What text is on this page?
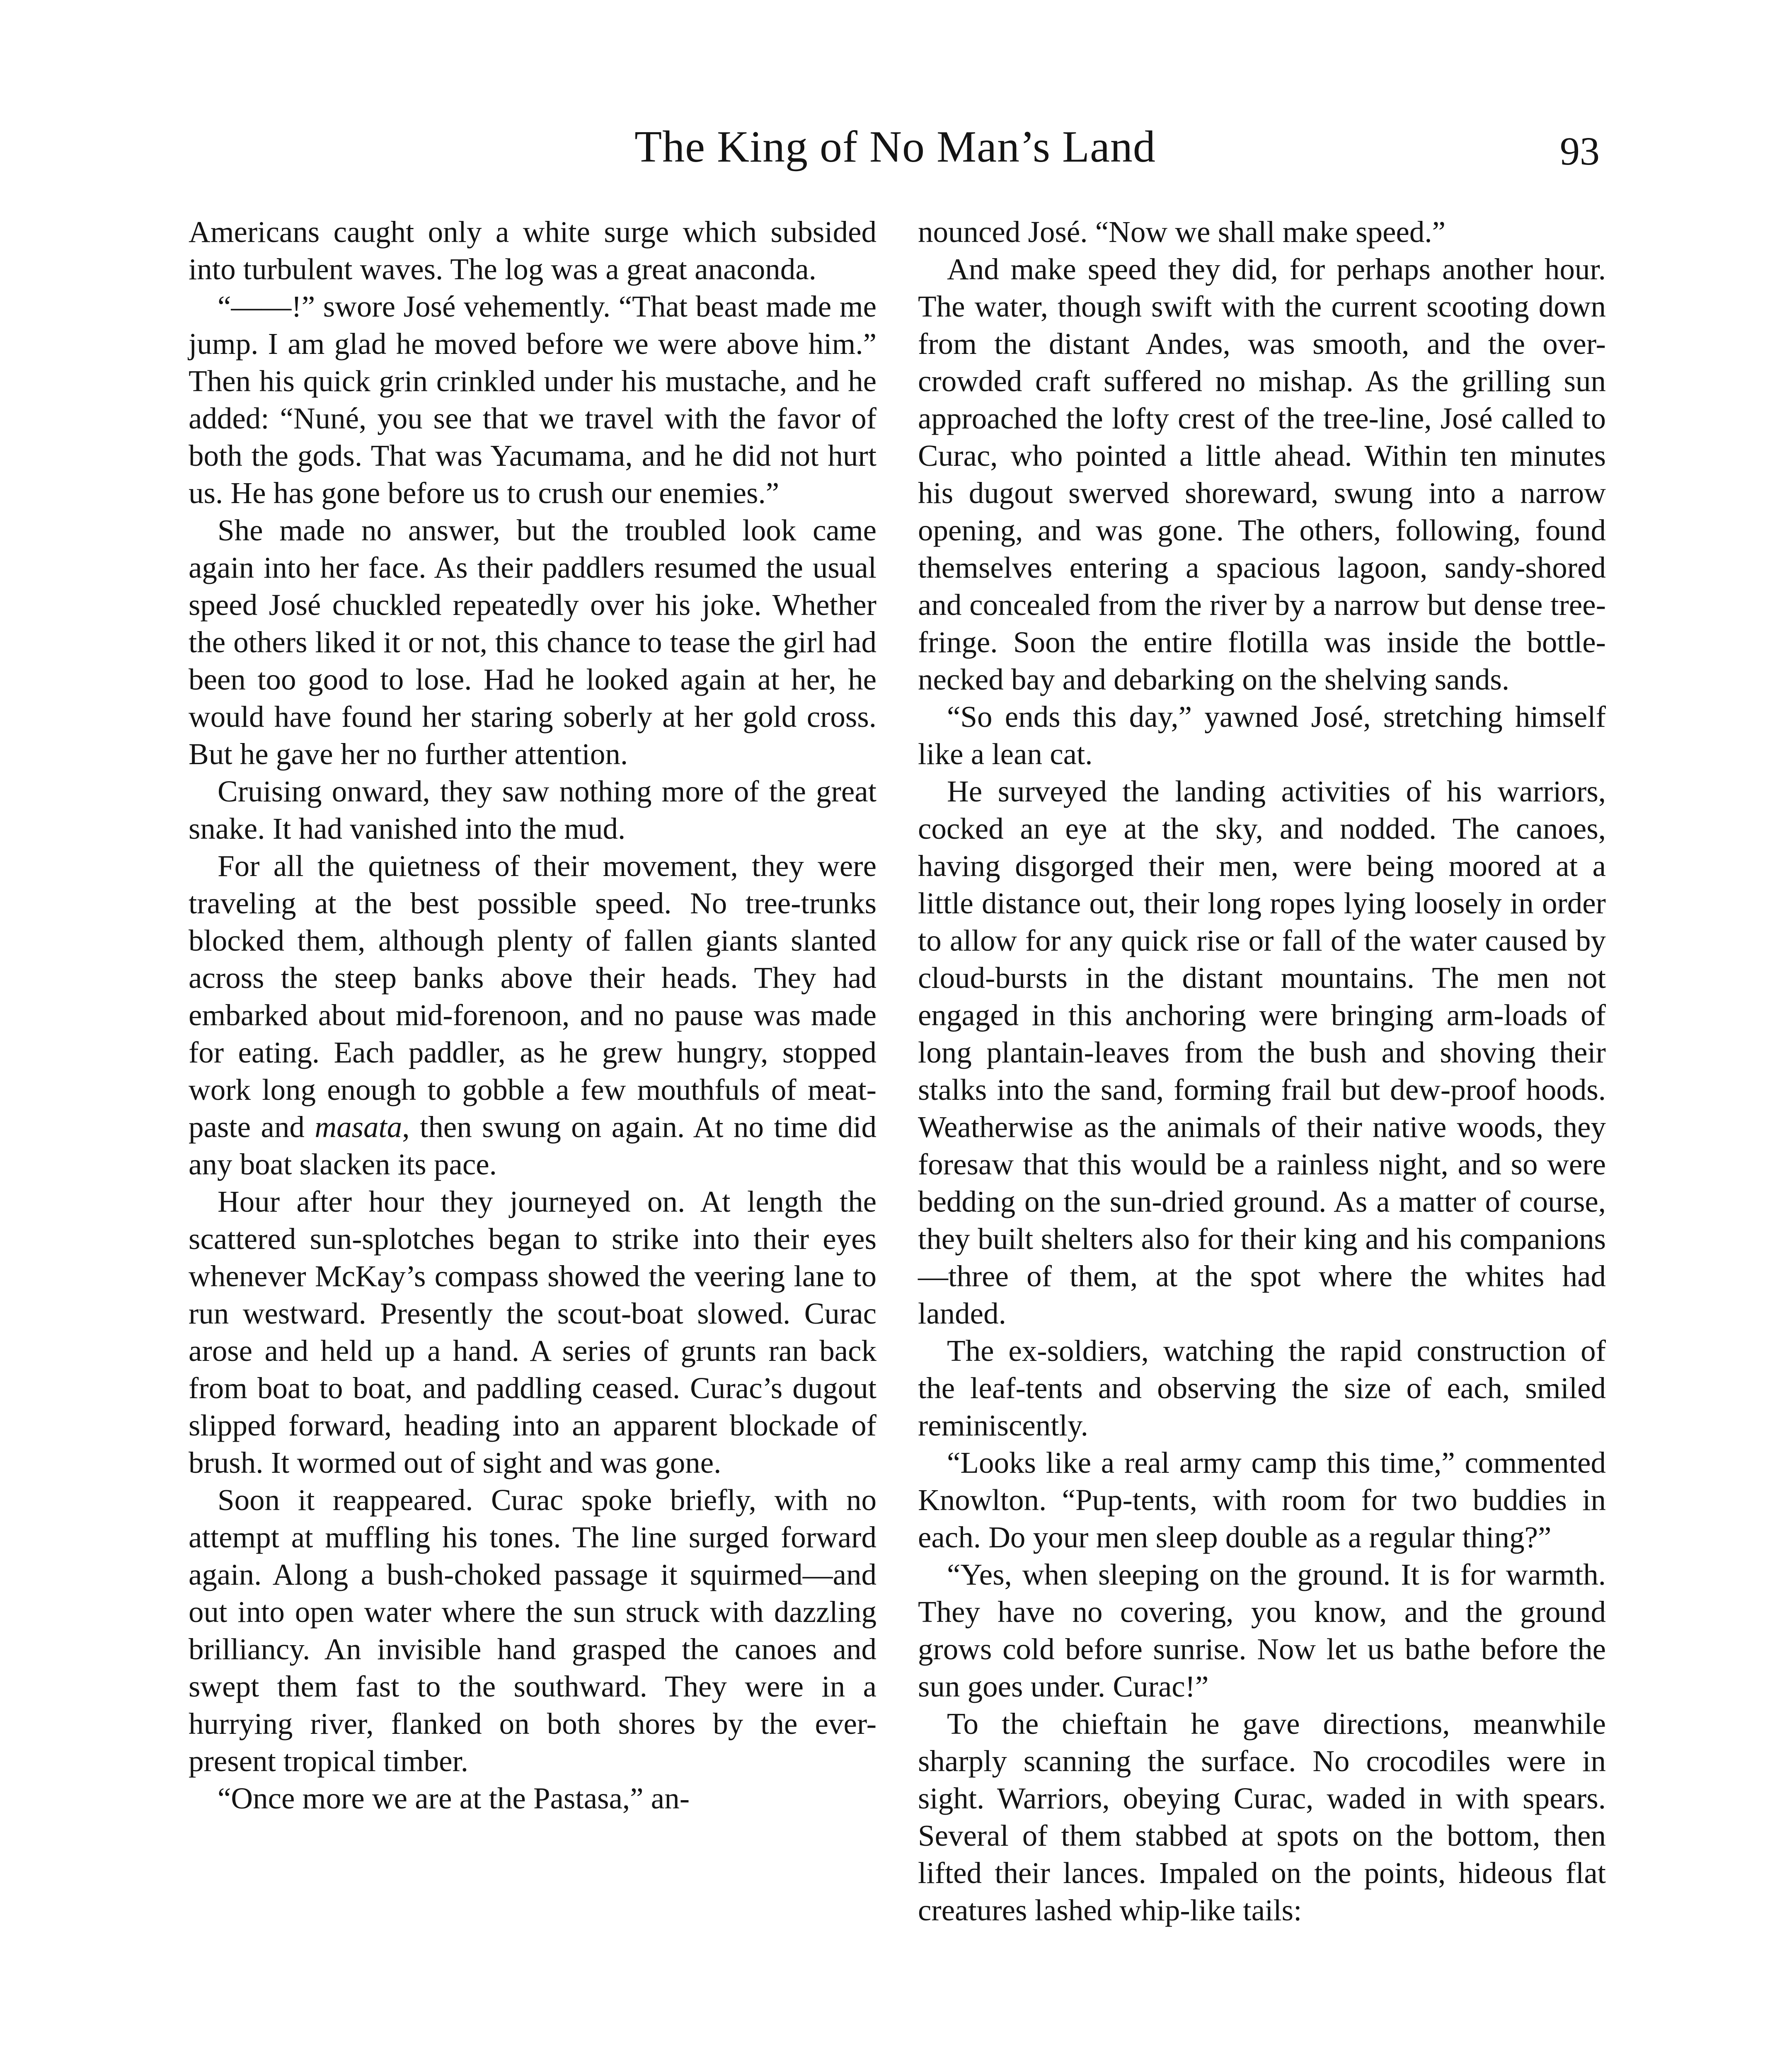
The King of No Man’s Land	93

Americans caught only a white surge which subsided into turbulent waves. The log was a great anaconda.

“——!” swore José vehemently. “That beast made me jump. I am glad he moved before we were above him.” Then his quick grin crinkled under his mustache, and he added: “Nuné, you see that we travel with the favor of both the gods. That was Yacumama, and he did not hurt us. He has gone before us to crush our enemies.”

She made no answer, but the troubled look came again into her face. As their paddlers resumed the usual speed José chuckled repeatedly over his joke. Whether the others liked it or not, this chance to tease the girl had been too good to lose. Had he looked again at her, he would have found her staring soberly at her gold cross. But he gave her no further attention.

Cruising onward, they saw nothing more of the great snake. It had vanished into the mud.

For all the quietness of their movement, they were traveling at the best possible speed. No tree-trunks blocked them, although plenty of fallen giants slanted across the steep banks above their heads. They had embarked about mid-forenoon, and no pause was made for eating. Each paddler, as he grew hungry, stopped work long enough to gobble a few mouthfuls of meat-paste and masata, then swung on again. At no time did any boat slacken its pace.

Hour after hour they journeyed on. At length the scattered sun-splotches began to strike into their eyes whenever McKay’s compass showed the veering lane to run westward. Presently the scout-boat slowed. Curac arose and held up a hand. A series of grunts ran back from boat to boat, and paddling ceased. Curac’s dugout slipped forward, heading into an apparent blockade of brush. It wormed out of sight and was gone.

Soon it reappeared. Curac spoke briefly, with no attempt at muffling his tones. The line surged forward again. Along a bush-choked passage it squirmed—and out into open water where the sun struck with dazzling brilliancy. An invisible hand grasped the canoes and swept them fast to the southward. They were in a hurrying river, flanked on both shores by the ever-present tropical timber.

“Once more we are at the Pastasa,” an-

nounced José. “Now we shall make speed.”

And make speed they did, for perhaps another hour. The water, though swift with the current scooting down from the distant Andes, was smooth, and the over-crowded craft suffered no mishap. As the grilling sun approached the lofty crest of the tree-line, José called to Curac, who pointed a little ahead. Within ten minutes his dugout swerved shoreward, swung into a narrow opening, and was gone. The others, following, found themselves entering a spacious lagoon, sandy-shored and concealed from the river by a narrow but dense tree-fringe. Soon the entire flotilla was inside the bottle-necked bay and debarking on the shelving sands.

“So ends this day,” yawned José, stretching himself like a lean cat.

He surveyed the landing activities of his warriors, cocked an eye at the sky, and nodded. The canoes, having disgorged their men, were being moored at a little distance out, their long ropes lying loosely in order to allow for any quick rise or fall of the water caused by cloud-bursts in the distant mountains. The men not engaged in this anchoring were bringing arm-loads of long plantain-leaves from the bush and shoving their stalks into the sand, forming frail but dew-proof hoods. Weatherwise as the animals of their native woods, they foresaw that this would be a rainless night, and so were bedding on the sun-dried ground. As a matter of course, they built shelters also for their king and his companions—three of them, at the spot where the whites had landed.

The ex-soldiers, watching the rapid construction of the leaf-tents and observing the size of each, smiled reminiscently.

“Looks like a real army camp this time,” commented Knowlton. “Pup-tents, with room for two buddies in each. Do your men sleep double as a regular thing?”

“Yes, when sleeping on the ground. It is for warmth. They have no covering, you know, and the ground grows cold before sunrise. Now let us bathe before the sun goes under. Curac!”

To the chieftain he gave directions, meanwhile sharply scanning the surface. No crocodiles were in sight. Warriors, obeying Curac, waded in with spears. Several of them stabbed at spots on the bottom, then lifted their lances. Impaled on the points, hideous flat creatures lashed whip-like tails:
